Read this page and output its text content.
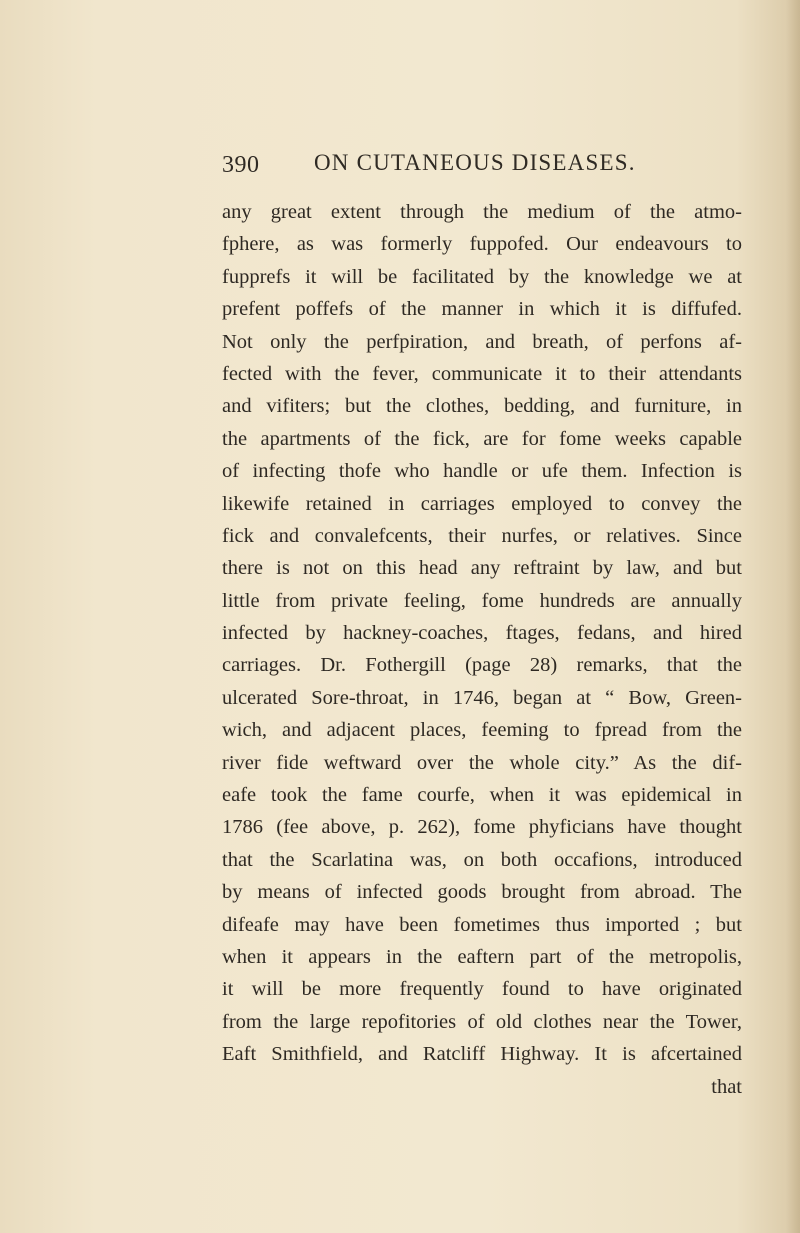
390 ON CUTANEOUS DISEASES.
any great extent through the medium of the atmo-
fphere, as was formerly fuppofed. Our endeavours to
fupprefs it will be facilitated by the knowledge we at
prefent poffefs of the manner in which it is diffufed.
Not only the perfpiration, and breath, of perfons af-
fected with the fever, communicate it to their attendants
and vifiters; but the clothes, bedding, and furniture, in
the apartments of the fick, are for fome weeks capable
of infecting thofe who handle or ufe them. Infection is
likewife retained in carriages employed to convey the
fick and convalefcents, their nurfes, or relatives. Since
there is not on this head any reftraint by law, and but
little from private feeling, fome hundreds are annually
infected by hackney-coaches, ftages, fedans, and hired
carriages. Dr. Fothergill (page 28) remarks, that the
ulcerated Sore-throat, in 1746, began at “ Bow, Green-
wich, and adjacent places, feeming to fpread from the
river fide weftward over the whole city.” As the dif-
eafe took the fame courfe, when it was epidemical in
1786 (fee above, p. 262), fome phyficians have thought
that the Scarlatina was, on both occafions, introduced
by means of infected goods brought from abroad. The
difeafe may have been fometimes thus imported ; but
when it appears in the eaftern part of the metropolis,
it will be more frequently found to have originated
from the large repofitories of old clothes near the Tower,
Eaft Smithfield, and Ratcliff Highway. It is afcertained
that
